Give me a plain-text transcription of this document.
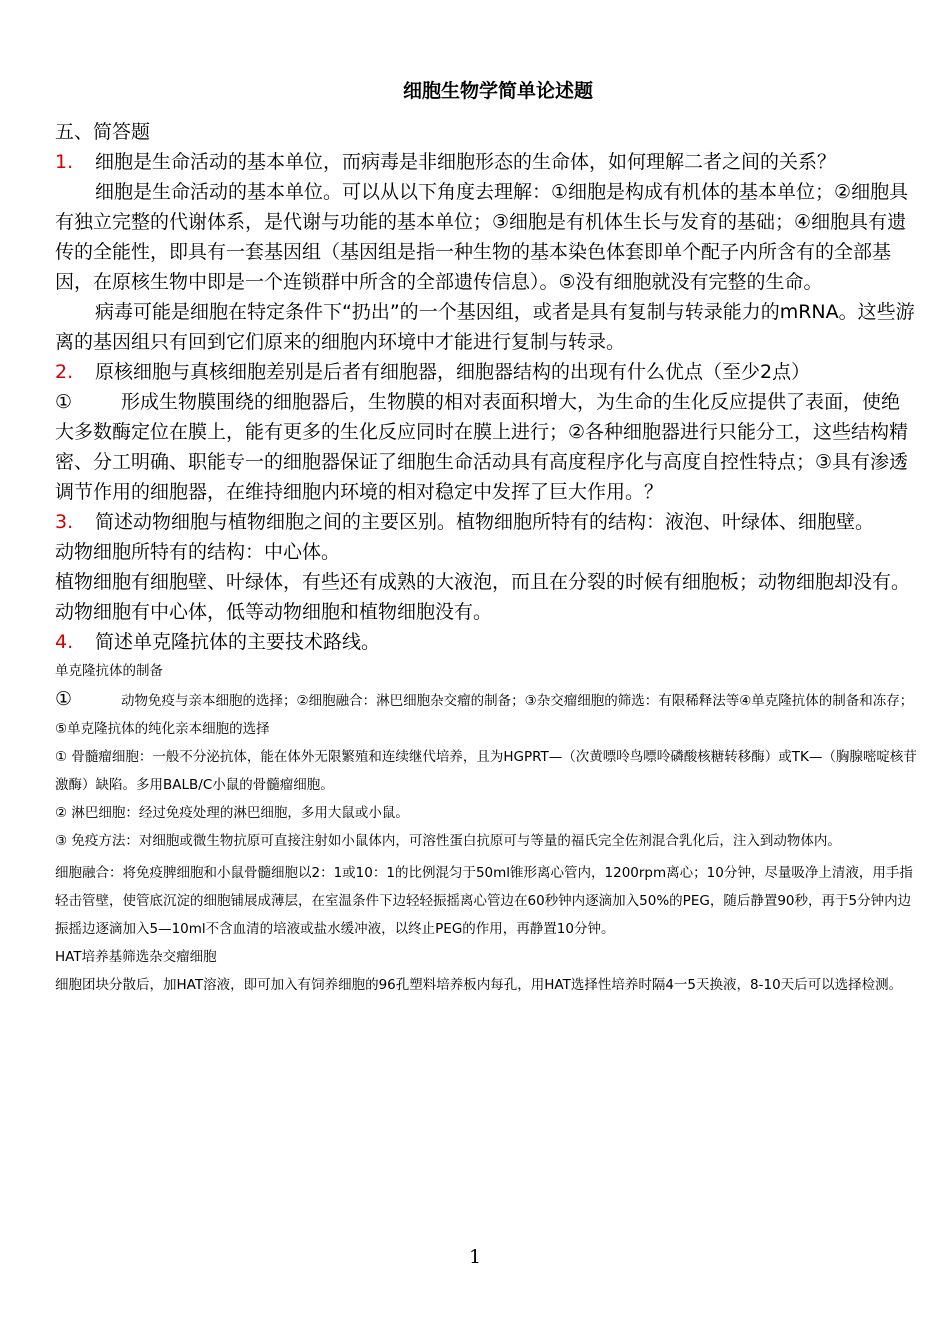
细胞生物学简单论述题
五、简答题
1.	细胞是生命活动的基本单位，而病毒是非细胞形态的生命体，如何理解二者之间的关系？

细胞是生命活动的基本单位。可以从以下角度去理解：①细胞是构成有机体的基本单位；②细胞具有独立完整的代谢体系，是代谢与功能的基本单位；③细胞是有机体生长与发育的基础；④细胞具有遗传的全能性，即具有一套基因组（基因组是指一种生物的基本染色体套即单个配子内所含有的全部基因，在原核生物中即是一个连锁群中所含的全部遗传信息）。⑤没有细胞就没有完整的生命。

病毒可能是细胞在特定条件下“扔出”的一个基因组，或者是具有复制与转录能力的mRNA。这些游离的基因组只有回到它们原来的细胞内环境中才能进行复制与转录。

2.	原核细胞与真核细胞差别是后者有细胞器，细胞器结构的出现有什么优点（至少2点）

①	形成生物膜围绕的细胞器后，生物膜的相对表面积增大，为生命的生化反应提供了表面，使绝大多数酶定位在膜上，能有更多的生化反应同时在膜上进行；②各种细胞器进行只能分工，这些结构精密、分工明确、职能专一的细胞器保证了细胞生命活动具有高度程序化与高度自控性特点；③具有渗透调节作用的细胞器，在维持细胞内环境的相对稳定中发挥了巨大作用。？

3.	简述动物细胞与植物细胞之间的主要区别。植物细胞所特有的结构：液泡、叶绿体、细胞壁。

动物细胞所特有的结构：中心体。

植物细胞有细胞壁、叶绿体，有些还有成熟的大液泡，而且在分裂的时候有细胞板；动物细胞却没有。动物细胞有中心体，低等动物细胞和植物细胞没有。

4.	简述单克隆抗体的主要技术路线。

单克隆抗体的制备

①	动物免疫与亲本细胞的选择；②细胞融合：淋巴细胞杂交瘤的制备；③杂交瘤细胞的筛选：有限稀释法等④单克隆抗体的制备和冻存；⑤单克隆抗体的纯化亲本细胞的选择

① 骨髓瘤细胞：一般不分泌抗体，能在体外无限繁殖和连续继代培养，且为HGPRT—（次黄嘌呤鸟嘌呤磷酸核糖转移酶）或TK—（胸腺嘧啶核苷激酶）缺陷。多用BALB/C小鼠的骨髓瘤细胞。

② 淋巴细胞：经过免疫处理的淋巴细胞，多用大鼠或小鼠。

③ 免疫方法：对细胞或微生物抗原可直接注射如小鼠体内，可溶性蛋白抗原可与等量的福氏完全佐剂混合乳化后，注入到动物体内。

细胞融合：将免疫脾细胞和小鼠骨髓细胞以2：1或10：1的比例混匀于50ml锥形离心管内，1200rpm离心；10分钟，尽量吸净上清液，用手指轻击管壁，使管底沉淀的细胞铺展成薄层，在室温条件下边轻轻振摇离心管边在60秒钟内逐滴加入50%的PEG，随后静置90秒，再于5分钟内边振摇边逐滴加入5—10ml不含血清的培液或盐水缓冲液，以终止PEG的作用，再静置10分钟。

HAT培养基筛选杂交瘤细胞

细胞团块分散后，加HAT溶液，即可加入有饲养细胞的96孔塑料培养板内每孔，用HAT选择性培养时隔4一5天换液，8-10天后可以选择检测。

1
